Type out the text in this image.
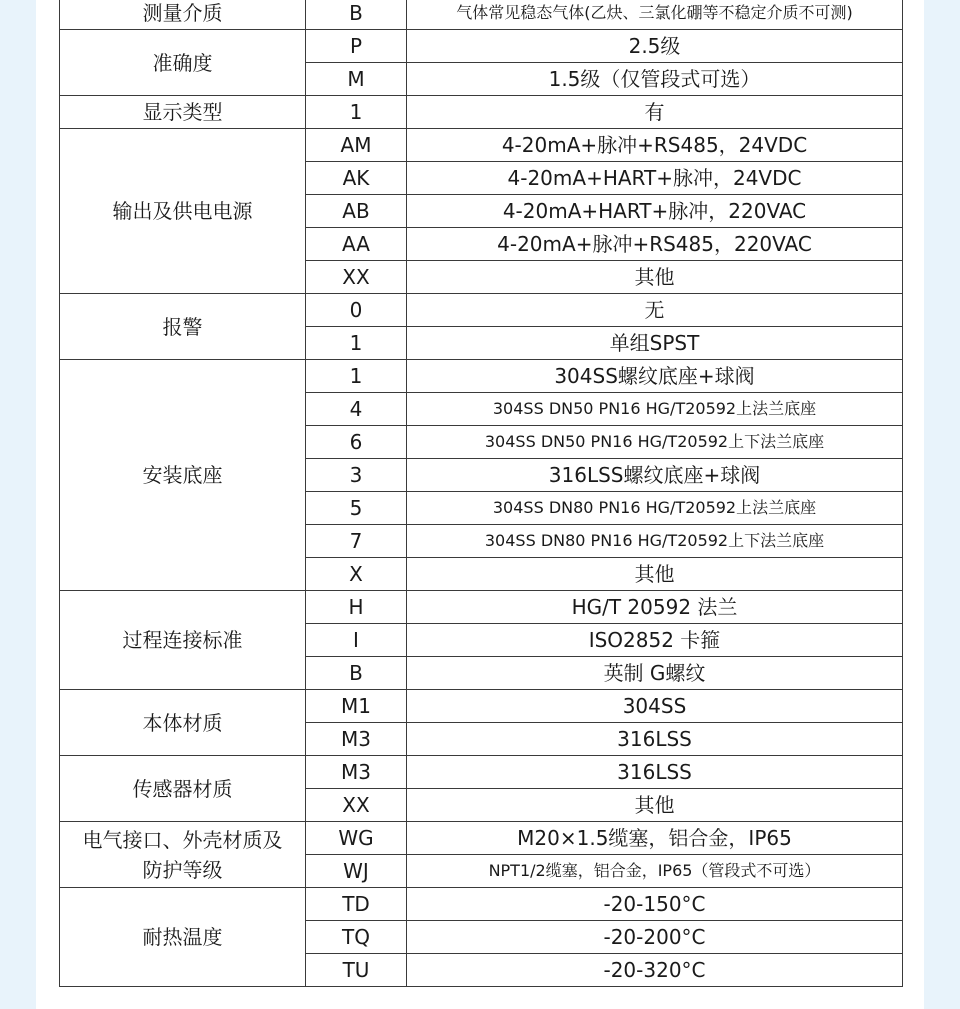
测量介质	B	气体常见稳态气体(乙炔、三氯化硼等不稳定介质不可测)
准确度	P	2.5级
	M	1.5级（仅管段式可选）
显示类型	1	有
输出及供电电源	AM	4-20mA+脉冲+RS485，24VDC
	AK	4-20mA+HART+脉冲，24VDC
	AB	4-20mA+HART+脉冲，220VAC
	AA	4-20mA+脉冲+RS485，220VAC
	XX	其他
报警	0	无
	1	单组SPST
安装底座	1	304SS螺纹底座+球阀
	4	304SS DN50 PN16 HG/T20592上法兰底座
	6	304SS DN50 PN16 HG/T20592上下法兰底座
	3	316LSS螺纹底座+球阀
	5	304SS DN80 PN16 HG/T20592上法兰底座
	7	304SS DN80 PN16 HG/T20592上下法兰底座
	X	其他
过程连接标准	H	HG/T 20592 法兰
	I	ISO2852 卡箍
	B	英制 G螺纹
本体材质	M1	304SS
	M3	316LSS
传感器材质	M3	316LSS
	XX	其他
电气接口、外壳材质及防护等级	WG	M20×1.5缆塞，铝合金，IP65
	WJ	NPT1/2缆塞，铝合金，IP65（管段式不可选）
耐热温度	TD	-20-150°C
	TQ	-20-200°C
	TU	-20-320°C
